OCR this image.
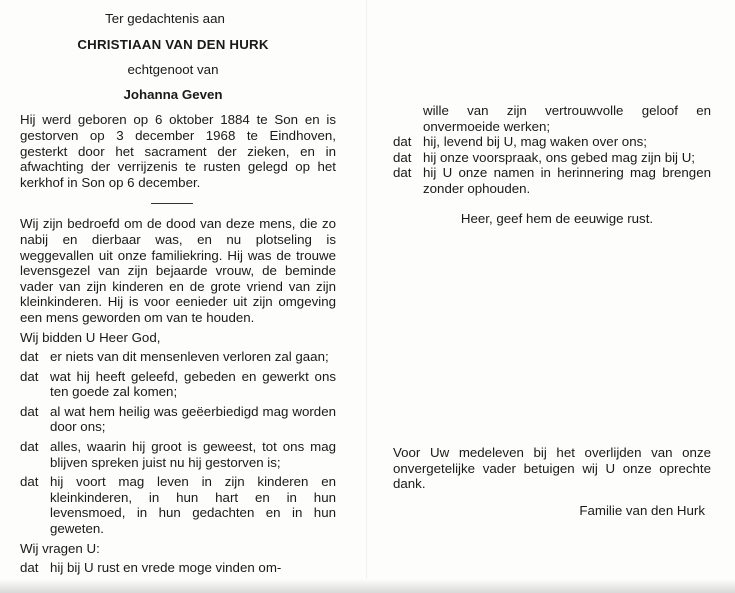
Ter gedachtenis aan
CHRISTIAAN VAN DEN HURK
echtgenoot van
Johanna Geven
Hij werd geboren op 6 oktober 1884 te Son en is gestorven op 3 december 1968 te Eindhoven, gesterkt door het sacrament der zieken, en in afwachting der verrijzenis te rusten gelegd op het kerkhof in Son op 6 december.
Wij zijn bedroefd om de dood van deze mens, die zo nabij en dierbaar was, en nu plotseling is weggevallen uit onze familiekring. Hij was de trouwe levensgezel van zijn bejaarde vrouw, de beminde vader van zijn kinderen en de grote vriend van zijn kleinkinderen. Hij is voor eenieder uit zijn omgeving een mens geworden om van te houden.
Wij bidden U Heer God,
dat er niets van dit mensenleven verloren zal gaan;
dat wat hij heeft geleefd, gebeden en gewerkt ons ten goede zal komen;
dat al wat hem heilig was geëerbiedigd mag worden door ons;
dat alles, waarin hij groot is geweest, tot ons mag blijven spreken juist nu hij gestorven is;
dat hij voort mag leven in zijn kinderen en kleinkinderen, in hun hart en in hun levensmoed, in hun gedachten en in hun geweten.
Wij vragen U:
dat hij bij U rust en vrede moge vinden om-
wille van zijn vertrouwvolle geloof en onvermoeide werken;
dat hij, levend bij U, mag waken over ons;
dat hij onze voorspraak, ons gebed mag zijn bij U;
dat hij U onze namen in herinnering mag brengen zonder ophouden.
Heer, geef hem de eeuwige rust.
Voor Uw medeleven bij het overlijden van onze onvergetelijke vader betuigen wij U onze oprechte dank.
Familie van den Hurk
